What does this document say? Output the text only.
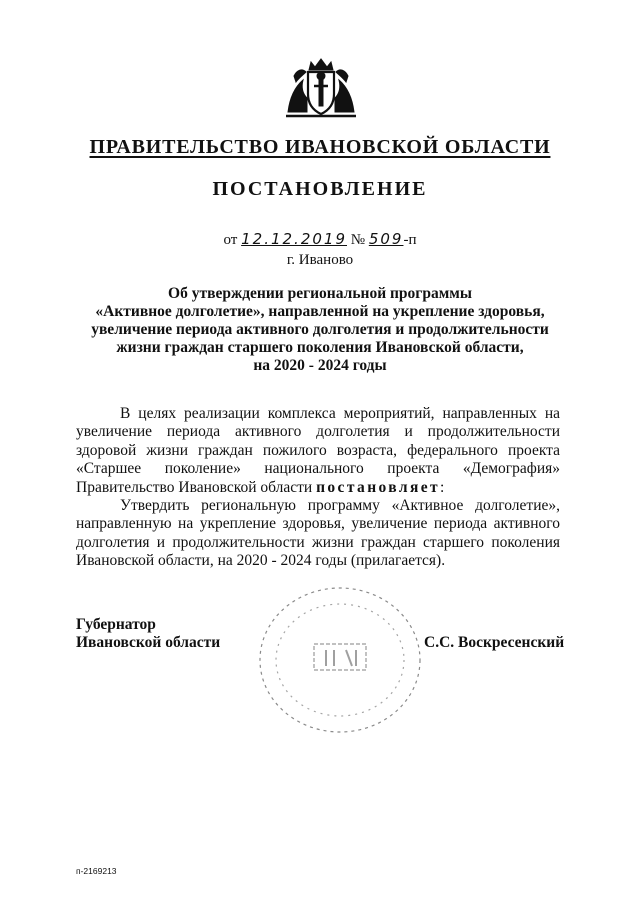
ПРАВИТЕЛЬСТВО ИВАНОВСКОЙ ОБЛАСТИ
ПОСТАНОВЛЕНИЕ
от 12.12.2019 № 509-п
г. Иваново
Об утверждении региональной программы
«Активное долголетие», направленной на укрепление здоровья,
увеличение периода активного долголетия и продолжительности
жизни граждан старшего поколения Ивановской области,
на 2020 - 2024 годы

В целях реализации комплекса мероприятий, направленных на увеличение периода активного долголетия и продолжительности здоровой жизни граждан пожилого возраста, федерального проекта «Старшее поколение» национального проекта «Демография» Правительство Ивановской области постановляет:

Утвердить региональную программу «Активное долголетие», направленную на укрепление здоровья, увеличение периода активного долголетия и продолжительности жизни граждан старшего поколения Ивановской области, на 2020 - 2024 годы (прилагается).

Губернатор
Ивановской области	С.С. Воскресенский
п-2169213
